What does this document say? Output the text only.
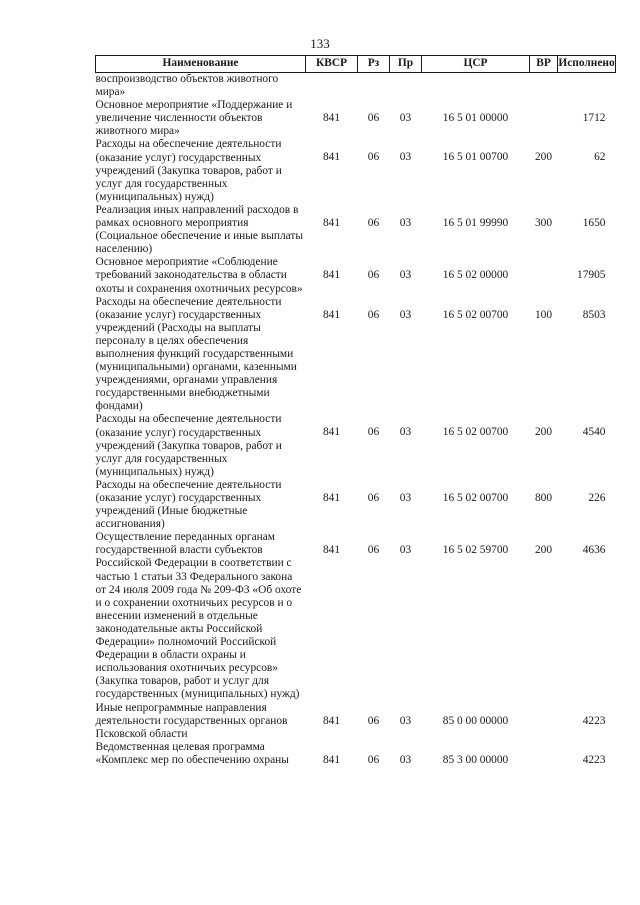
133
Наименование	КВСР	Рз	Пр	ЦСР	ВР	Исполнено
воспроизводство объектов животного мира»						
Основное мероприятие «Поддержание и увеличение численности объектов животного мира»	841	06	03	16 5 01 00000		1712
Расходы на обеспечение деятельности (оказание услуг) государственных учреждений (Закупка товаров, работ и услуг для государственных (муниципальных) нужд)	841	06	03	16 5 01 00700	200	62
Реализация иных направлений расходов в рамках основного мероприятия (Социальное обеспечение и иные выплаты населению)	841	06	03	16 5 01 99990	300	1650
Основное мероприятие «Соблюдение требований законодательства в области охоты и сохранения охотничьих ресурсов»	841	06	03	16 5 02 00000		17905
Расходы на обеспечение деятельности (оказание услуг) государственных учреждений (Расходы на выплаты персоналу в целях обеспечения выполнения функций государственными (муниципальными) органами, казенными учреждениями, органами управления государственными внебюджетными фондами)	841	06	03	16 5 02 00700	100	8503
Расходы на обеспечение деятельности (оказание услуг) государственных учреждений (Закупка товаров, работ и услуг для государственных (муниципальных) нужд)	841	06	03	16 5 02 00700	200	4540
Расходы на обеспечение деятельности (оказание услуг) государственных учреждений (Иные бюджетные ассигнования)	841	06	03	16 5 02 00700	800	226
Осуществление переданных органам государственной власти субъектов Российской Федерации в соответствии с частью 1 статьи 33 Федерального закона от 24 июля 2009 года № 209-ФЗ «Об охоте и о сохранении охотничьих ресурсов и о внесении изменений в отдельные законодательные акты Российской Федерации» полномочий Российской Федерации в области охраны и использования охотничьих ресурсов» (Закупка товаров, работ и услуг для государственных (муниципальных) нужд)	841	06	03	16 5 02 59700	200	4636
Иные непрограммные направления деятельности государственных органов Псковской области	841	06	03	85 0 00 00000		4223
Ведомственная целевая программа «Комплекс мер по обеспечению охраны	841	06	03	85 3 00 00000		4223
